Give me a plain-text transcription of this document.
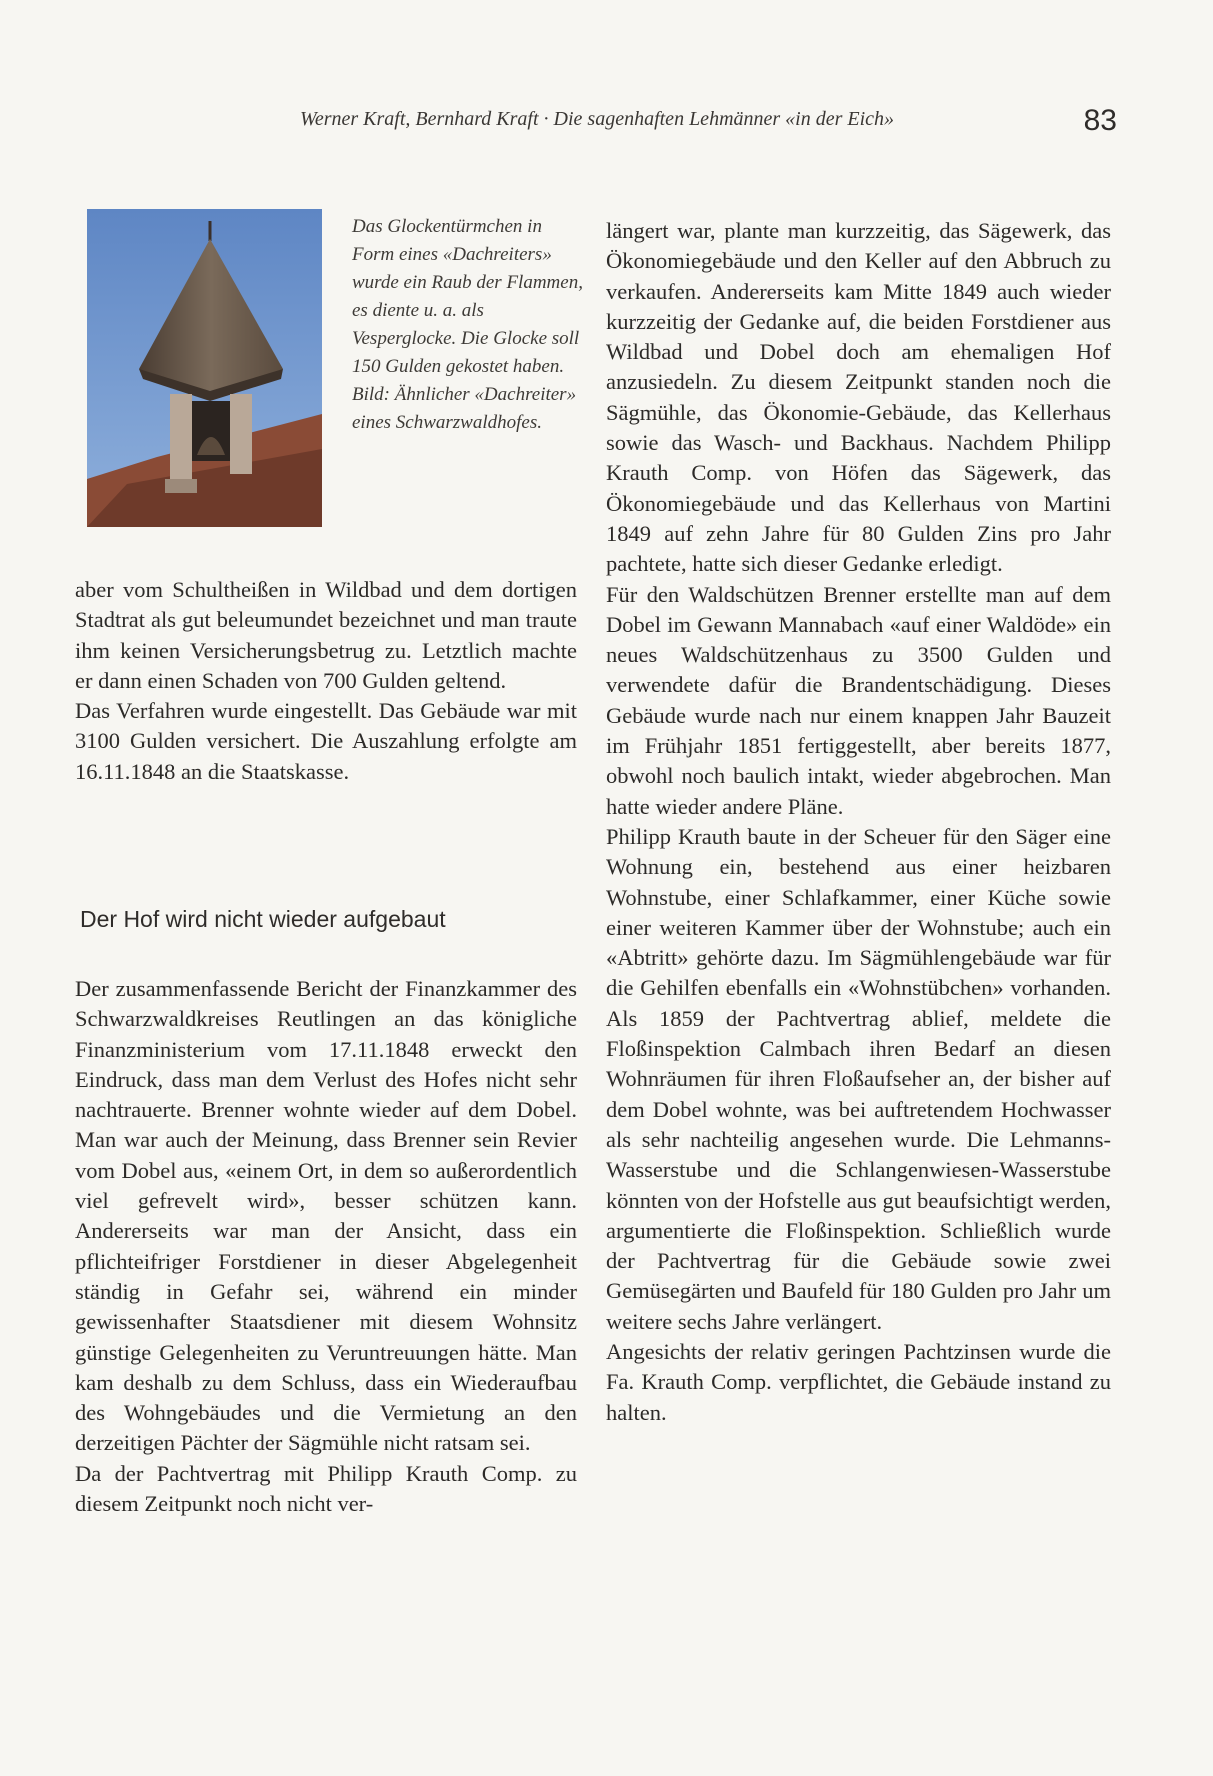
Werner Kraft, Bernhard Kraft · Die sagenhaften Lehmänner «in der Eich»	83
Das Glockentürmchen in Form eines «Dachreiters» wurde ein Raub der Flammen, es diente u. a. als Vesperglocke. Die Glocke soll 150 Gulden gekostet haben. Bild: Ähnlicher «Dachreiter» eines Schwarzwaldhofes.

aber vom Schultheißen in Wildbad und dem dortigen Stadtrat als gut beleumundet bezeichnet und man traute ihm keinen Versicherungsbetrug zu. Letztlich machte er dann einen Schaden von 700 Gulden geltend.

Das Verfahren wurde eingestellt. Das Gebäude war mit 3100 Gulden versichert. Die Auszahlung erfolgte am 16.11.1848 an die Staatskasse.

Der Hof wird nicht wieder aufgebaut

Der zusammenfassende Bericht der Finanzkammer des Schwarzwaldkreises Reutlingen an das königliche Finanzministerium vom 17.11.1848 erweckt den Eindruck, dass man dem Verlust des Hofes nicht sehr nachtrauerte. Brenner wohnte wieder auf dem Dobel. Man war auch der Meinung, dass Brenner sein Revier vom Dobel aus, «einem Ort, in dem so außerordentlich viel gefrevelt wird», besser schützen kann. Andererseits war man der Ansicht, dass ein pflichteifriger Forstdiener in dieser Abgelegenheit ständig in Gefahr sei, während ein minder gewissenhafter Staatsdiener mit diesem Wohnsitz günstige Gelegenheiten zu Veruntreuungen hätte. Man kam deshalb zu dem Schluss, dass ein Wiederaufbau des Wohngebäudes und die Vermietung an den derzeitigen Pächter der Sägmühle nicht ratsam sei.

Da der Pachtvertrag mit Philipp Krauth Comp. zu diesem Zeitpunkt noch nicht ver-

längert war, plante man kurzzeitig, das Sägewerk, das Ökonomiegebäude und den Keller auf den Abbruch zu verkaufen. Andererseits kam Mitte 1849 auch wieder kurzzeitig der Gedanke auf, die beiden Forstdiener aus Wildbad und Dobel doch am ehemaligen Hof anzusiedeln. Zu diesem Zeitpunkt standen noch die Sägmühle, das Ökonomie-Gebäude, das Kellerhaus sowie das Wasch- und Backhaus. Nachdem Philipp Krauth Comp. von Höfen das Sägewerk, das Ökonomiegebäude und das Kellerhaus von Martini 1849 auf zehn Jahre für 80 Gulden Zins pro Jahr pachtete, hatte sich dieser Gedanke erledigt.

Für den Waldschützen Brenner erstellte man auf dem Dobel im Gewann Mannabach «auf einer Waldöde» ein neues Waldschützenhaus zu 3500 Gulden und verwendete dafür die Brandentschädigung. Dieses Gebäude wurde nach nur einem knappen Jahr Bauzeit im Frühjahr 1851 fertiggestellt, aber bereits 1877, obwohl noch baulich intakt, wieder abgebrochen. Man hatte wieder andere Pläne.

Philipp Krauth baute in der Scheuer für den Säger eine Wohnung ein, bestehend aus einer heizbaren Wohnstube, einer Schlafkammer, einer Küche sowie einer weiteren Kammer über der Wohnstube; auch ein «Abtritt» gehörte dazu. Im Sägmühlengebäude war für die Gehilfen ebenfalls ein «Wohnstübchen» vorhanden. Als 1859 der Pachtvertrag ablief, meldete die Floßinspektion Calmbach ihren Bedarf an diesen Wohnräumen für ihren Floßaufseher an, der bisher auf dem Dobel wohnte, was bei auftretendem Hochwasser als sehr nachteilig angesehen wurde. Die Lehmanns-Wasserstube und die Schlangenwiesen-Wasserstube könnten von der Hofstelle aus gut beaufsichtigt werden, argumentierte die Floßinspektion. Schließlich wurde der Pachtvertrag für die Gebäude sowie zwei Gemüsegärten und Baufeld für 180 Gulden pro Jahr um weitere sechs Jahre verlängert.

Angesichts der relativ geringen Pachtzinsen wurde die Fa. Krauth Comp. verpflichtet, die Gebäude instand zu halten.
